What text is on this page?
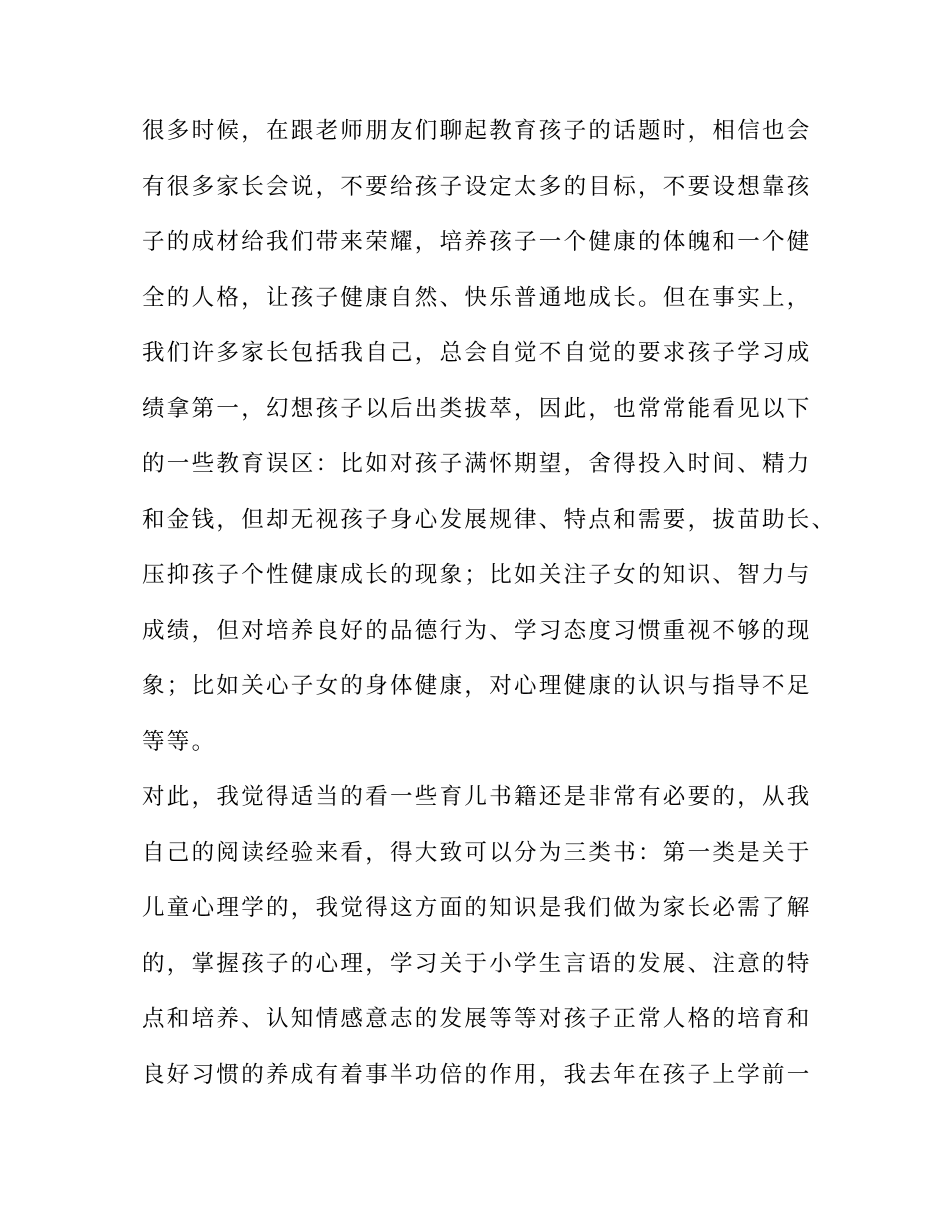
很多时候，在跟老师朋友们聊起教育孩子的话题时，相信也会
有很多家长会说，不要给孩子设定太多的目标，不要设想靠孩
子的成材给我们带来荣耀，培养孩子一个健康的体魄和一个健
全的人格，让孩子健康自然、快乐普通地成长。但在事实上，
我们许多家长包括我自己，总会自觉不自觉的要求孩子学习成
绩拿第一，幻想孩子以后出类拔萃，因此，也常常能看见以下
的一些教育误区：比如对孩子满怀期望，舍得投入时间、精力
和金钱，但却无视孩子身心发展规律、特点和需要，拔苗助长、
压抑孩子个性健康成长的现象；比如关注子女的知识、智力与
成绩，但对培养良好的品德行为、学习态度习惯重视不够的现
象；比如关心子女的身体健康，对心理健康的认识与指导不足
等等。
对此，我觉得适当的看一些育儿书籍还是非常有必要的，从我
自己的阅读经验来看，得大致可以分为三类书：第一类是关于
儿童心理学的，我觉得这方面的知识是我们做为家长必需了解
的，掌握孩子的心理，学习关于小学生言语的发展、注意的特
点和培养、认知情感意志的发展等等对孩子正常人格的培育和
良好习惯的养成有着事半功倍的作用，我去年在孩子上学前一
